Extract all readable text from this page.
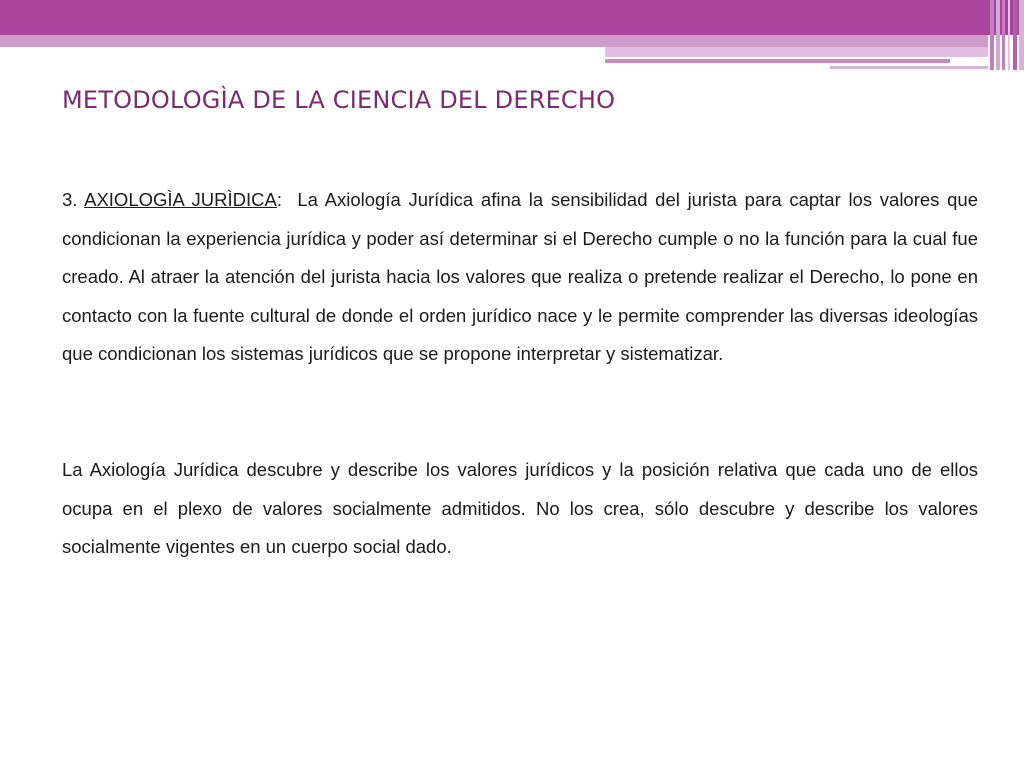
METODOLOGÌA DE LA CIENCIA DEL DERECHO

3. AXIOLOGÌA JURÌDICA:  La Axiología Jurídica afina la sensibilidad del jurista para captar los valores que condicionan la experiencia jurídica y poder así determinar si el Derecho cumple o no la función para la cual fue creado. Al atraer la atención del jurista hacia los valores que realiza o pretende realizar el Derecho, lo pone en contacto con la fuente cultural de donde el orden jurídico nace y le permite comprender las diversas ideologías que condicionan los sistemas jurídicos que se propone interpretar y sistematizar.

La Axiología Jurídica descubre y describe los valores jurídicos y la posición relativa que cada uno de ellos ocupa en el plexo de valores socialmente admitidos. No los crea, sólo descubre y describe los valores socialmente vigentes en un cuerpo social dado.
